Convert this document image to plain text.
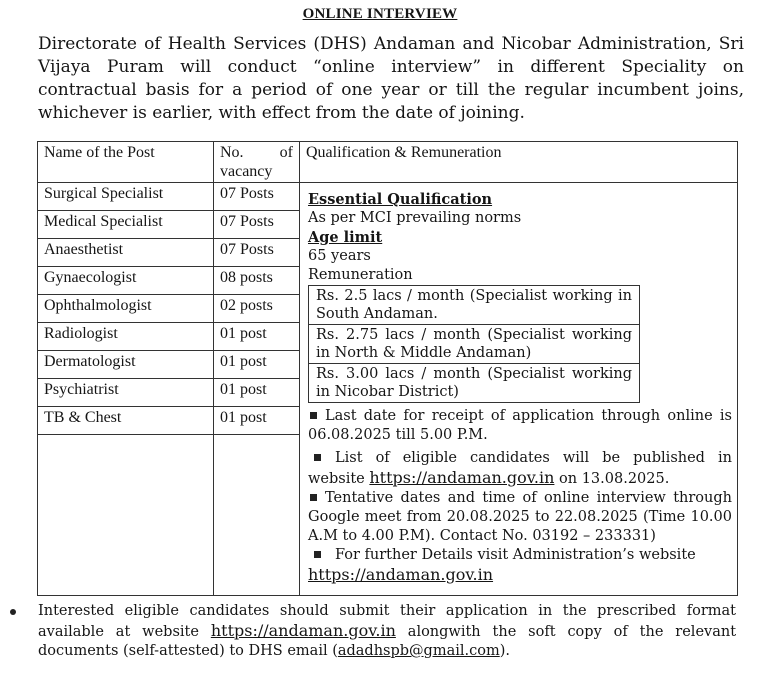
ONLINE INTERVIEW

Directorate of Health Services (DHS) Andaman and Nicobar Administration, Sri Vijaya Puram will conduct “online interview” in different Speciality on contractual basis for a period of one year or till the regular incumbent joins, whichever is earlier, with effect from the date of joining.

Name of the Post	No. of
vacancy
	Qualification & Remuneration
Surgical Specialist	07 Posts	Essential Qualification
As per MCI prevailing norms
Age limit
65 years
Remuneration
Rs. 2.5 lacs / month (Specialist working in South Andaman.
Rs. 2.75 lacs / month (Specialist working in North & Middle Andaman)
Rs. 3.00 lacs / month (Specialist working in Nicobar District)
Last date for receipt of application through online is 06.08.2025 till 5.00 P.M.
List of eligible candidates will be published in website https://andaman.gov.in on 13.08.2025.
Tentative dates and time of online interview through Google meet from 20.08.2025 to 22.08.2025 (Time 10.00 A.M to 4.00 P.M). Contact No. 03192 – 233331)
For further Details visit Administration’s website
https://andaman.gov.in

Medical Specialist	07 Posts
Anaesthetist	07 Posts
Gynaecologist	08 posts
Ophthalmologist	02 posts
Radiologist	01 post
Dermatologist	01 post
Psychiatrist	01 post
TB & Chest	01 post

Interested eligible candidates should submit their application in the prescribed format available at website https://andaman.gov.in alongwith the soft copy of the relevant documents (self-attested) to DHS email (adadhspb@gmail.com).
